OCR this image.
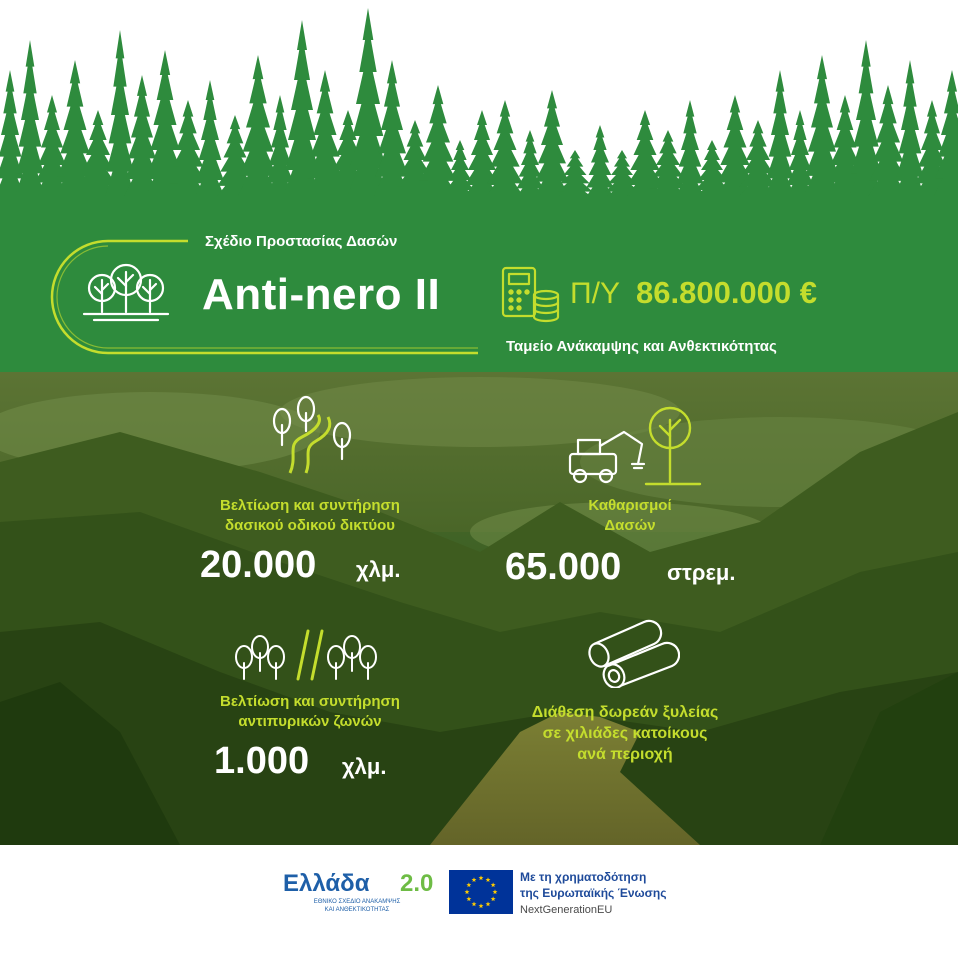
Σχέδιο Προστασίας Δασών
Anti-nero II	Π/Υ 86.800.000 €
Ταμείο Ανάκαμψης και Ανθεκτικότητας
Βελτίωση και συντήρηση
δασικού οδικού δικτύου
20.000 χλμ.
Καθαρισμοί
Δασών
65.000 στρεμ.
Βελτίωση και συντήρηση
αντιπυρικών ζωνών
1.000 χλμ.
Διάθεση δωρεάν ξυλείας
σε χιλιάδες κατοίκους
ανά περιοχή
Ελλάδα 2.0
ΕΘΝΙΚΟ ΣΧΕΔΙΟ ΑΝΑΚΑΜΨΗΣ
ΚΑΙ ΑΝΘΕΚΤΙΚΟΤΗΤΑΣ
Με τη χρηματοδότηση
της Ευρωπαϊκής Ένωσης
NextGenerationEU
